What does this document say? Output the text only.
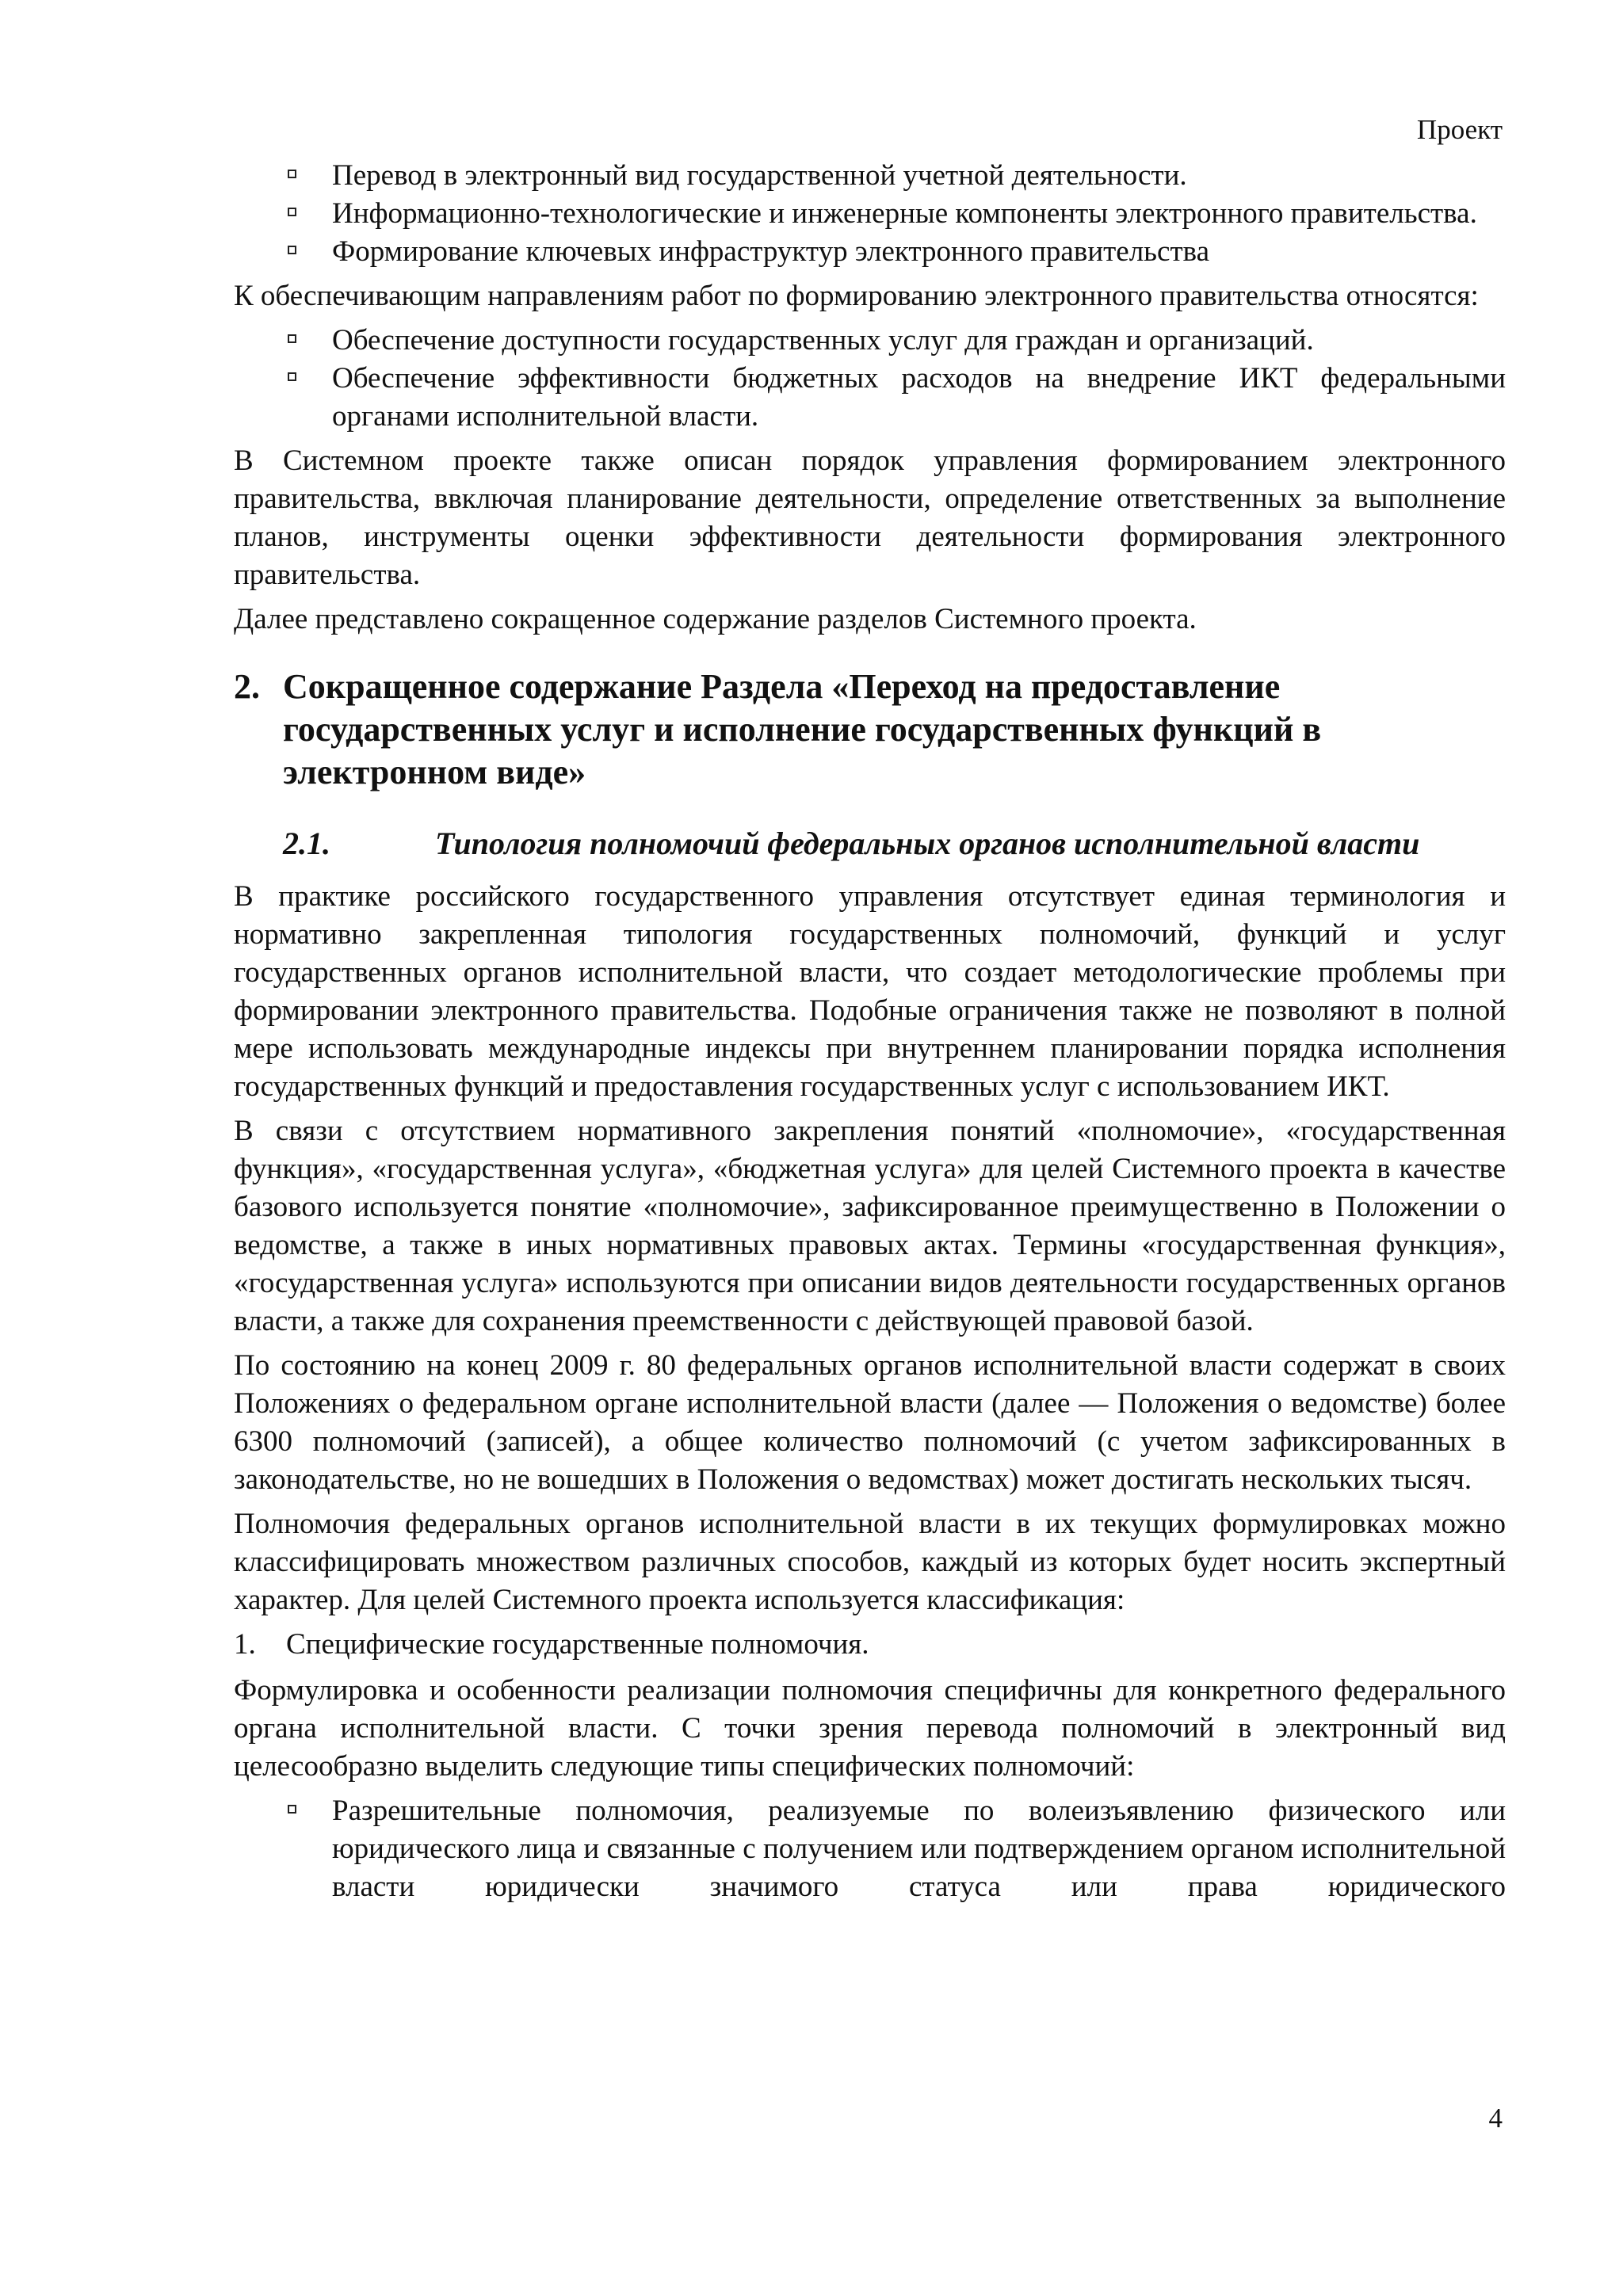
Проект
Перевод в электронный вид государственной учетной деятельности.
Информационно-технологические и инженерные компоненты электронного правительства.
Формирование ключевых инфраструктур электронного правительства

К обеспечивающим направлениям работ по формированию электронного правительства относятся:

Обеспечение доступности государственных услуг для граждан и организаций.
Обеспечение эффективности бюджетных расходов на внедрение ИКТ федеральными органами исполнительной власти.

В Системном проекте также описан порядок управления формированием электронного правительства, ввключая планирование деятельности, определение ответственных за выполнение планов, инструменты оценки эффективности деятельности формирования электронного правительства.

Далее представлено сокращенное содержание разделов Системного проекта.

2. Сокращенное содержание Раздела «Переход на предоставление государственных услуг и исполнение государственных функций в электронном виде»
2.1.	Типология полномочий федеральных органов исполнительной власти

В практике российского государственного управления отсутствует единая терминология и нормативно закрепленная типология государственных полномочий, функций и услуг государственных органов исполнительной власти, что создает методологические проблемы при формировании электронного правительства. Подобные ограничения также не позволяют в полной мере использовать международные индексы при внутреннем планировании порядка исполнения государственных функций и предоставления государственных услуг с использованием ИКТ.

В связи с отсутствием нормативного закрепления понятий «полномочие», «государственная функция», «государственная услуга», «бюджетная услуга» для целей Системного проекта в качестве базового используется понятие «полномочие», зафиксированное преимущественно в Положении о ведомстве, а также в иных нормативных правовых актах. Термины «государственная функция», «государственная услуга» используются при описании видов деятельности государственных органов власти, а также для сохранения преемственности с действующей правовой базой.

По состоянию на конец 2009 г. 80 федеральных органов исполнительной власти содержат в своих Положениях о федеральном органе исполнительной власти (далее — Положения о ведомстве) более 6300 полномочий (записей), а общее количество полномочий (с учетом зафиксированных в законодательстве, но не вошедших в Положения о ведомствах) может достигать нескольких тысяч.

Полномочия федеральных органов исполнительной власти в их текущих формулировках можно классифицировать множеством различных способов, каждый из которых будет носить экспертный характер. Для целей Системного проекта используется классификация:

1. Специфические государственные полномочия.

Формулировка и особенности реализации полномочия специфичны для конкретного федерального органа исполнительной власти. С точки зрения перевода полномочий в электронный вид целесообразно выделить следующие типы специфических полномочий:

Разрешительные полномочия, реализуемые по волеизъявлению физического или юридического лица и связанные с получением или подтверждением органом исполнительной власти юридически значимого статуса или права юридического
4
